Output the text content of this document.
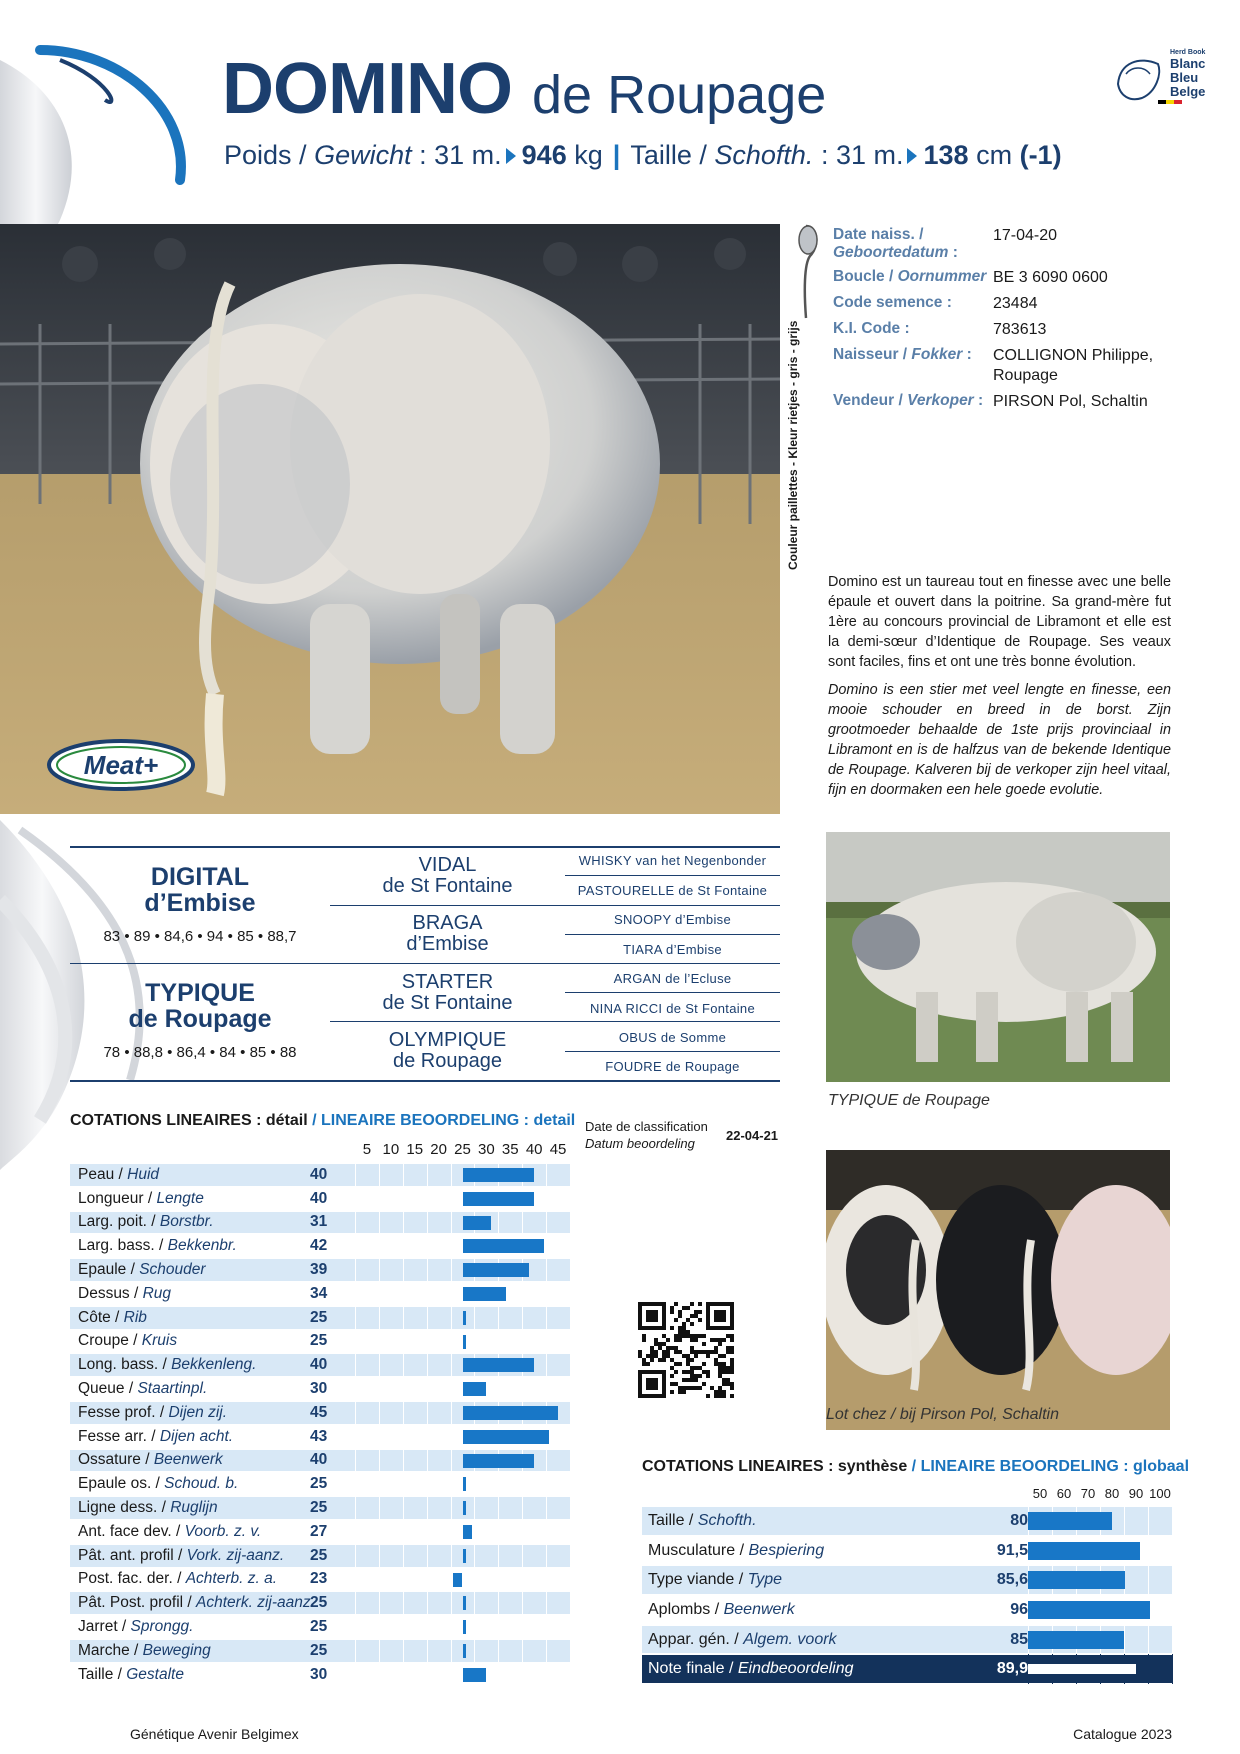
DOMINO de Roupage
Poids / Gewicht : 31 m. 946 kg | Taille / Schofth. : 31 m. 138 cm (-1)
Herd Book
Blanc
Bleu
Belge
Meat+
Couleur paillettes - Kleur rietjes - gris - grijs
Date naiss. / Geboortedatum :
17-04-20
Boucle / Oornummer BE 3 6090 0600
Code semence :	23484
K.I. Code :	783613
Naisseur / Fokker :	COLLIGNON Philippe, Roupage
Vendeur / Verkoper : PIRSON Pol, Schaltin

Domino est un taureau tout en finesse avec une belle épaule et ouvert dans la poitrine. Sa grand-mère fut 1ère au concours provincial de Libramont et elle est la demi-sœur d’Identique de Roupage. Ses veaux sont faciles, fins et ont une très bonne évolution.

Domino is een stier met veel lengte en finesse, een mooie schouder en breed in de borst. Zijn grootmoeder behaalde de 1ste prijs provinciaal in Libramont en is de halfzus van de bekende Identique de Roupage. Kalveren bij de verkoper zijn heel vitaal, fijn en doormaken een hele goede evolutie.

TYPIQUE de Roupage
Lot chez / bij Pirson Pol, Schaltin
DIGITAL
d’Embise
83 • 89 • 84,6 • 94 • 85 • 88,7
TYPIQUE
de Roupage
78 • 88,8 • 86,4 • 84 • 85 • 88
VIDAL
de St Fontaine
BRAGA
d’Embise
STARTER
de St Fontaine
OLYMPIQUE
de Roupage
WHISKY van het Negenbonder
PASTOURELLE de St Fontaine
SNOOPY d’Embise
TIARA d’Embise
ARGAN de l’Ecluse
NINA RICCI de St Fontaine
OBUS de Somme
FOUDRE de Roupage
COTATIONS LINEAIRES : détail / LINEAIRE BEOORDELING : detail Date de classification
Datum beoordeling
22-04-21
5 10 15 20 25 30 35 40 45
Peau / Huid	40
Longueur / Lengte	40
Larg. poit. / Borstbr.	31
Larg. bass. / Bekkenbr.	42
Epaule / Schouder	39
Dessus / Rug	34
Côte / Rib	25
Croupe / Kruis	25
Long. bass. / Bekkenleng.	40
Queue / Staartinpl.	30
Fesse prof. / Dijen zij.	45
Fesse arr. / Dijen acht.	43
Ossature / Beenwerk	40
Epaule os. / Schoud. b.	25
Ligne dess. / Ruglijn	25
Ant. face dev. / Voorb. z. v.	27
Pât. ant. profil / Vork. zij-aanz.	25
Post. fac. der. / Achterb. z. a.	23
Pât. Post. profil / Achterk. zij-aanz.
25
Jarret / Sprongg.	25
Marche / Beweging	25
Taille / Gestalte	30
COTATIONS LINEAIRES : synthèse / LINEAIRE BEOORDELING : globaal
50 60 70 80 90 100
Taille / Schofth.	80
Musculature / Bespiering	91,5
Type viande / Type	85,6
Aplombs / Beenwerk	96
Appar. gén. / Algem. voork	85
Note finale / Eindbeoordeling	89,9
Génétique Avenir Belgimex	Catalogue 2023
